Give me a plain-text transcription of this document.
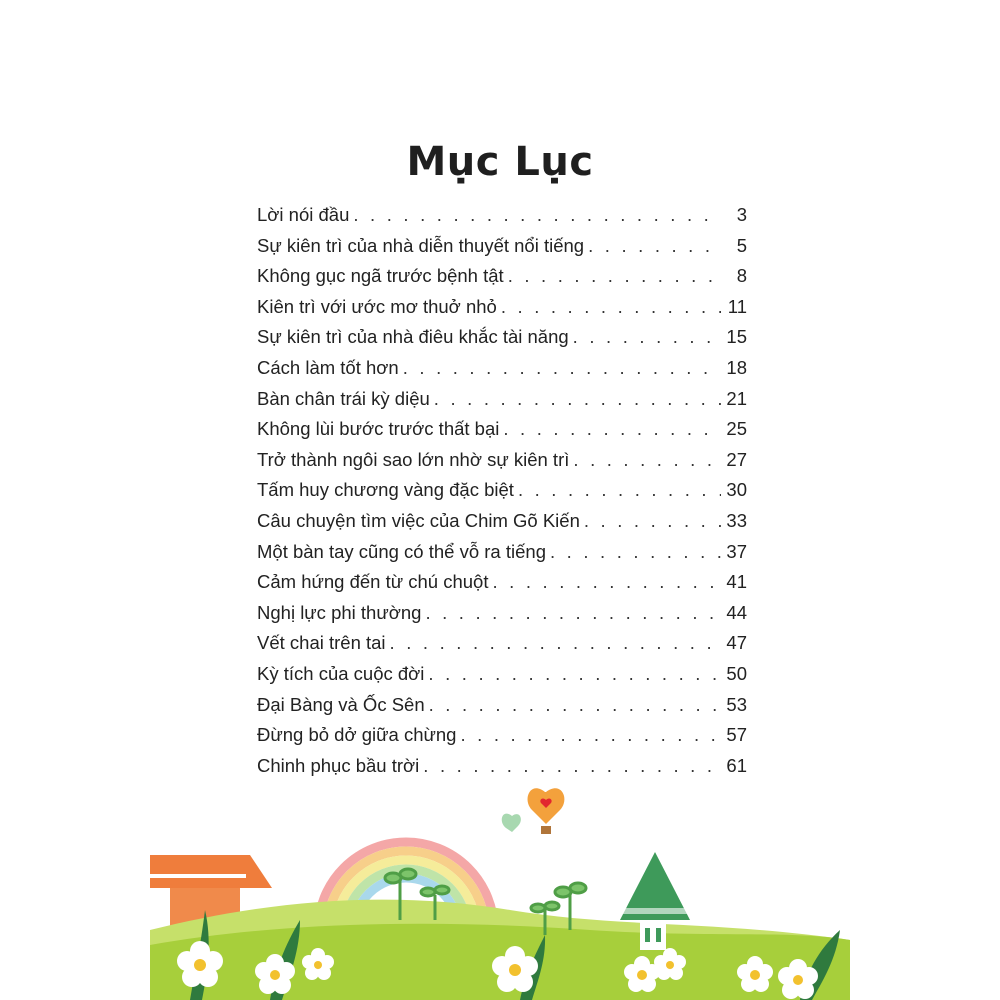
Mục Lục
Lời nói đầu . . .	3
Sự kiên trì của nhà diễn thuyết nổi tiếng . . .	5
Không gục ngã trước bệnh tật . . .	8
Kiên trì với ước mơ thuở nhỏ . . .	11
Sự kiên trì của nhà điêu khắc tài năng . . .	15
Cách làm tốt hơn . . .	18
Bàn chân trái kỳ diệu . . .	21
Không lùi bước trước thất bại . . .	25
Trở thành ngôi sao lớn nhờ sự kiên trì . . .	27
Tấm huy chương vàng đặc biệt . . .	30
Câu chuyện tìm việc của Chim Gõ Kiến . . .	33
Một bàn tay cũng có thể vỗ ra tiếng . . .	37
Cảm hứng đến từ chú chuột . . .	41
Nghị lực phi thường . . .	44
Vết chai trên tai . . .	47
Kỳ tích của cuộc đời . . .	50
Đại Bàng và Ốc Sên . . .	53
Đừng bỏ dở giữa chừng . . .	57
Chinh phục bầu trời . . .	61
